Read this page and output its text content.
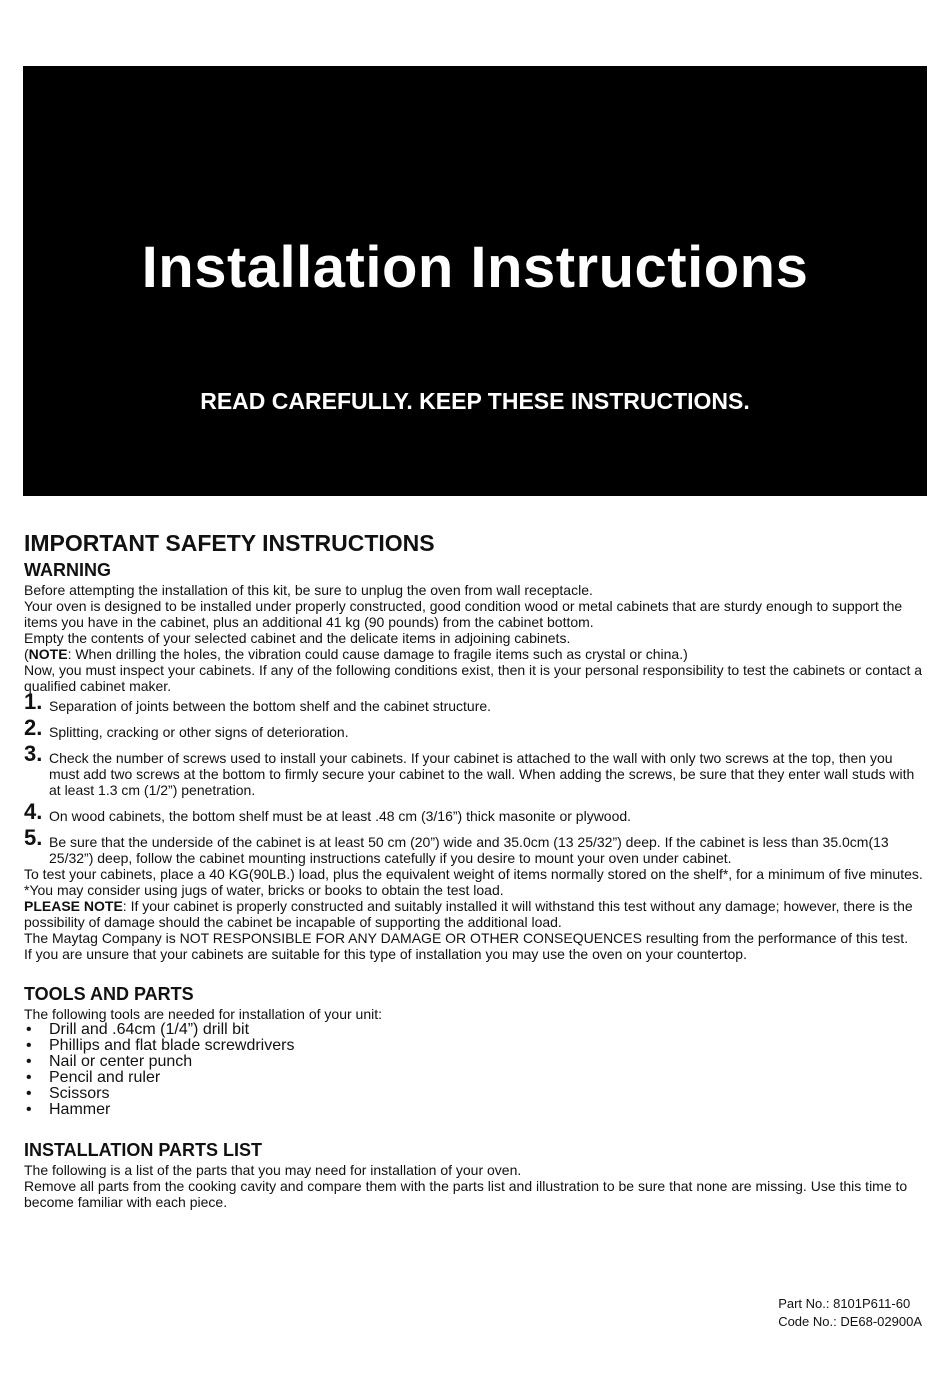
Installation Instructions
READ CAREFULLY. KEEP THESE INSTRUCTIONS.
IMPORTANT SAFETY INSTRUCTIONS
WARNING

Before attempting the installation of this kit, be sure to unplug the oven from wall receptacle.

Your oven is designed to be installed under properly constructed, good condition wood or metal cabinets that are sturdy enough to support the items you have in the cabinet, plus an additional 41 kg (90 pounds) from the cabinet bottom.

Empty the contents of your selected cabinet and the delicate items in adjoining cabinets.

(NOTE: When drilling the holes, the vibration could cause damage to fragile items such as crystal or china.)

Now, you must inspect your cabinets. If any of the following conditions exist, then it is your personal responsibility to test the cabinets or contact a qualified cabinet maker.

1. Separation of joints between the bottom shelf and the cabinet structure.
2. Splitting, cracking or other signs of deterioration.
3. Check the number of screws used to install your cabinets. If your cabinet is attached to the wall with only two screws at the top, then you must add two screws at the bottom to firmly secure your cabinet to the wall. When adding the screws, be sure that they enter wall studs with at least 1.3 cm (1/2”) penetration.
4. On wood cabinets, the bottom shelf must be at least .48 cm (3/16”) thick masonite or plywood.
5. Be sure that the underside of the cabinet is at least 50 cm (20”) wide and 35.0cm (13 25/32”) deep. If the cabinet is less than 35.0cm(13 25/32”) deep, follow the cabinet mounting instructions catefully if you desire to mount your oven under cabinet.

To test your cabinets, place a 40 KG(90LB.) load, plus the equivalent weight of items normally stored on the shelf*, for a minimum of five minutes.

*You may consider using jugs of water, bricks or books to obtain the test load.

PLEASE NOTE: If your cabinet is properly constructed and suitably installed it will withstand this test without any damage; however, there is the possibility of damage should the cabinet be incapable of supporting the additional load.

The Maytag Company is NOT RESPONSIBLE FOR ANY DAMAGE OR OTHER CONSEQUENCES resulting from the performance of this test.

If you are unsure that your cabinets are suitable for this type of installation you may use the oven on your countertop.

TOOLS AND PARTS

The following tools are needed for installation of your unit:

• Drill and .64cm (1/4”) drill bit
• Phillips and flat blade screwdrivers
• Nail or center punch
• Pencil and ruler
• Scissors
• Hammer
INSTALLATION PARTS LIST

The following is a list of the parts that you may need for installation of your oven.

Remove all parts from the cooking cavity and compare them with the parts list and illustration to be sure that none are missing. Use this time to become familiar with each piece.

Part No.: 8101P611-60
Code No.: DE68-02900A
